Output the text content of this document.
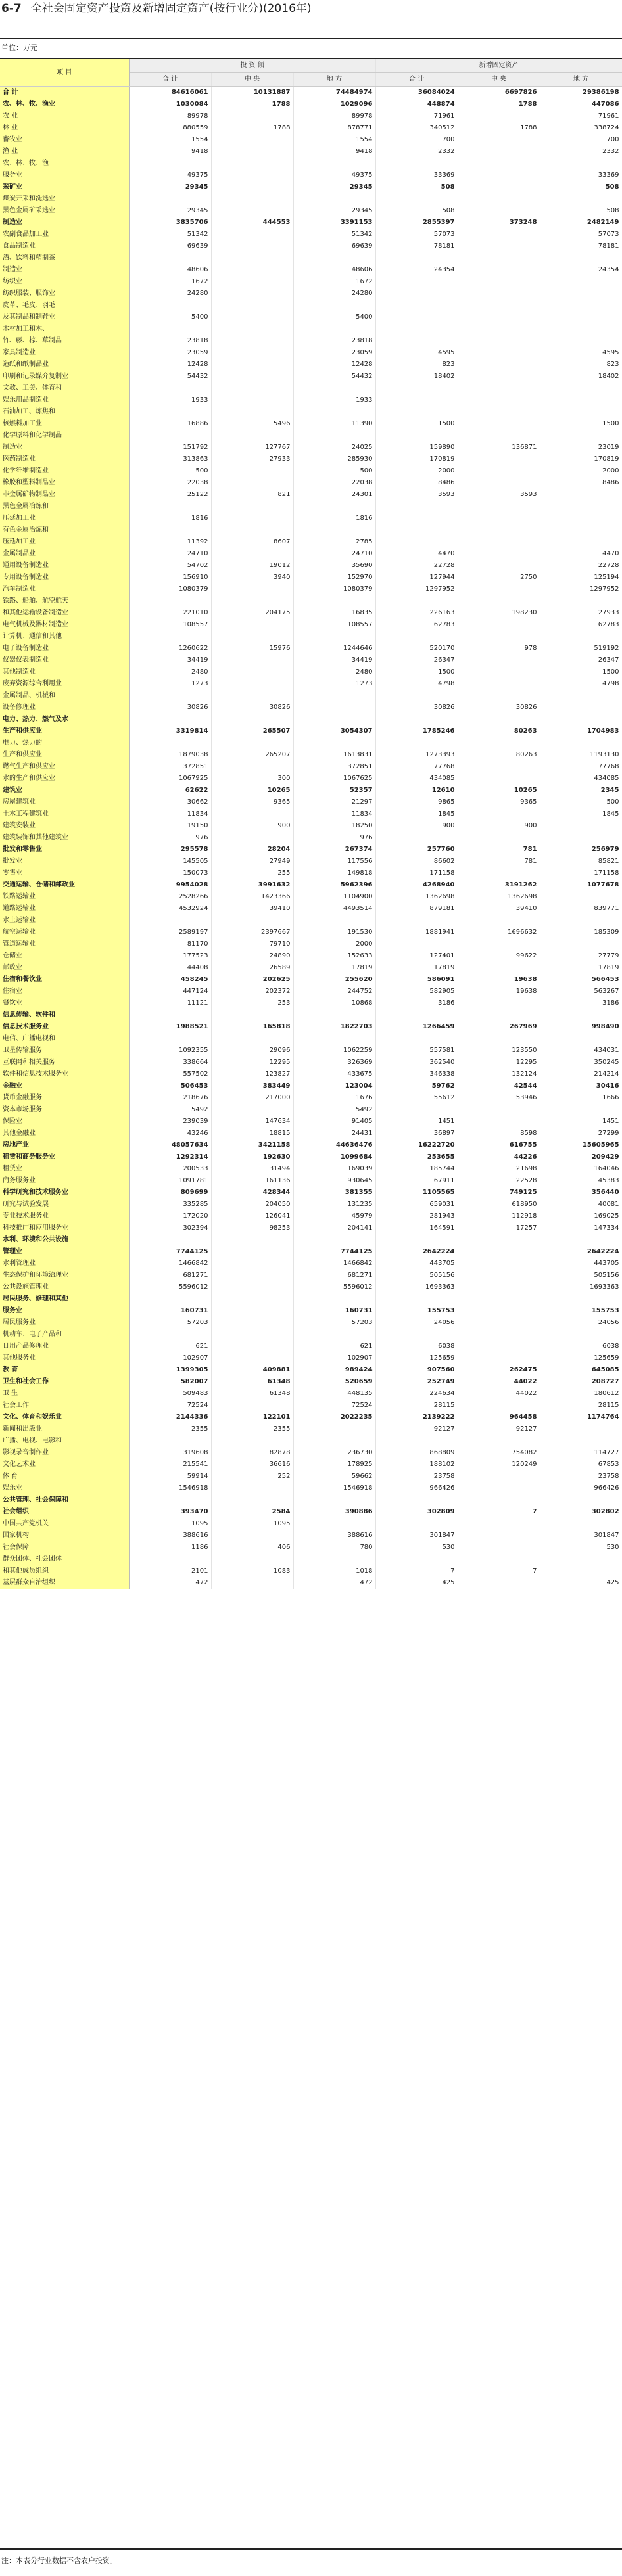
6-7 全社会固定资产投资及新增固定资产(按行业分)(2016年)
单位：万元
项 目	投 资 额			新增固定资产		
	合 计	中 央	地 方	合 计	中 央	地 方
合 计	84616061	10131887	74484974	36084024	6697826	29386198
农、林、牧、渔业	1030084	1788	1029096	448874	1788	447086
农 业	89978		89978	71961		71961
林 业	880559	1788	878771	340512	1788	338724
畜牧业	1554		1554	700		700
渔 业	9418		9418	2332		2332
农、林、牧、渔						
服务业	49375		49375	33369		33369
采矿业	29345		29345	508		508
煤炭开采和洗选业						
黑色金属矿采选业	29345		29345	508		508
制造业	3835706	444553	3391153	2855397	373248	2482149
农副食品加工业	51342		51342	57073		57073
食品制造业	69639		69639	78181		78181
酒、饮料和精制茶						
制造业	48606		48606	24354		24354
纺织业	1672		1672			
纺织服装、服饰业	24280		24280			
皮革、毛皮、羽毛						
及其制品和制鞋业	5400		5400			
木材加工和木、						
竹、藤、棕、草制品	23818		23818			
家具制造业	23059		23059	4595		4595
造纸和纸制品业	12428		12428	823		823
印刷和记录媒介复制业	54432		54432	18402		18402
文教、工美、体育和						
娱乐用品制造业	1933		1933			
石油加工、炼焦和						
核燃料加工业	16886	5496	11390	1500		1500
化学原料和化学制品						
制造业	151792	127767	24025	159890	136871	23019
医药制造业	313863	27933	285930	170819		170819
化学纤维制造业	500		500	2000		2000
橡胶和塑料制品业	22038		22038	8486		8486
非金属矿物制品业	25122	821	24301	3593	3593	
黑色金属冶炼和						
压延加工业	1816		1816			
有色金属冶炼和						
压延加工业	11392	8607	2785			
金属制品业	24710		24710	4470		4470
通用设备制造业	54702	19012	35690	22728		22728
专用设备制造业	156910	3940	152970	127944	2750	125194
汽车制造业	1080379		1080379	1297952		1297952
铁路、船舶、航空航天						
和其他运输设备制造业	221010	204175	16835	226163	198230	27933
电气机械及器材制造业	108557		108557	62783		62783
计算机、通信和其他						
电子设备制造业	1260622	15976	1244646	520170	978	519192
仪器仪表制造业	34419		34419	26347		26347
其他制造业	2480		2480	1500		1500
废弃资源综合利用业	1273		1273	4798		4798
金属制品、机械和						
设备修理业	30826	30826		30826	30826	
电力、热力、燃气及水						
生产和供应业	3319814	265507	3054307	1785246	80263	1704983
电力、热力的						
生产和供应业	1879038	265207	1613831	1273393	80263	1193130
燃气生产和供应业	372851		372851	77768		77768
水的生产和供应业	1067925	300	1067625	434085		434085
建筑业	62622	10265	52357	12610	10265	2345
房屋建筑业	30662	9365	21297	9865	9365	500
土木工程建筑业	11834		11834	1845		1845
建筑安装业	19150	900	18250	900	900	
建筑装饰和其他建筑业	976		976			
批发和零售业	295578	28204	267374	257760	781	256979
批发业	145505	27949	117556	86602	781	85821
零售业	150073	255	149818	171158		171158
交通运输、仓储和邮政业	9954028	3991632	5962396	4268940	3191262	1077678
铁路运输业	2528266	1423366	1104900	1362698	1362698	
道路运输业	4532924	39410	4493514	879181	39410	839771
水上运输业						
航空运输业	2589197	2397667	191530	1881941	1696632	185309
管道运输业	81170	79710	2000			
仓储业	177523	24890	152633	127401	99622	27779
邮政业	44408	26589	17819	17819		17819
住宿和餐饮业	458245	202625	255620	586091	19638	566453
住宿业	447124	202372	244752	582905	19638	563267
餐饮业	11121	253	10868	3186		3186
信息传输、软件和						
信息技术服务业	1988521	165818	1822703	1266459	267969	998490
电信、广播电视和						
卫星传输服务	1092355	29096	1062259	557581	123550	434031
互联网和相关服务	338664	12295	326369	362540	12295	350245
软件和信息技术服务业	557502	123827	433675	346338	132124	214214
金融业	506453	383449	123004	59762	42544	30416
货币金融服务	218676	217000	1676	55612	53946	1666
资本市场服务	5492		5492			
保险业	239039	147634	91405	1451		1451
其他金融业	43246	18815	24431	36897	8598	27299
房地产业	48057634	3421158	44636476	16222720	616755	15605965
租赁和商务服务业	1292314	192630	1099684	253655	44226	209429
租赁业	200533	31494	169039	185744	21698	164046
商务服务业	1091781	161136	930645	67911	22528	45383
科学研究和技术服务业	809699	428344	381355	1105565	749125	356440
研究与试验发展	335285	204050	131235	659031	618950	40081
专业技术服务业	172020	126041	45979	281943	112918	169025
科技推广和应用服务业	302394	98253	204141	164591	17257	147334
水利、环境和公共设施						
管理业	7744125		7744125	2642224		2642224
水利管理业	1466842		1466842	443705		443705
生态保护和环境治理业	681271		681271	505156		505156
公共设施管理业	5596012		5596012	1693363		1693363
居民服务、修理和其他						
服务业	160731		160731	155753		155753
居民服务业	57203		57203	24056		24056
机动车、电子产品和						
日用产品修理业	621		621	6038		6038
其他服务业	102907		102907	125659		125659
教 育	1399305	409881	989424	907560	262475	645085
卫生和社会工作	582007	61348	520659	252749	44022	208727
卫 生	509483	61348	448135	224634	44022	180612
社会工作	72524		72524	28115		28115
文化、体育和娱乐业	2144336	122101	2022235	2139222	964458	1174764
新闻和出版业	2355	2355		92127	92127	
广播、电视、电影和						
影视录音制作业	319608	82878	236730	868809	754082	114727
文化艺术业	215541	36616	178925	188102	120249	67853
体 育	59914	252	59662	23758		23758
娱乐业	1546918		1546918	966426		966426
公共管理、社会保障和						
社会组织	393470	2584	390886	302809	7	302802
中国共产党机关	1095	1095				
国家机构	388616		388616	301847		301847
社会保障	1186	406	780	530		530
群众团体、社会团体						
和其他成员组织	2101	1083	1018	7	7	
基层群众自治组织	472		472	425		425
注：本表分行业数据不含农户投资。
